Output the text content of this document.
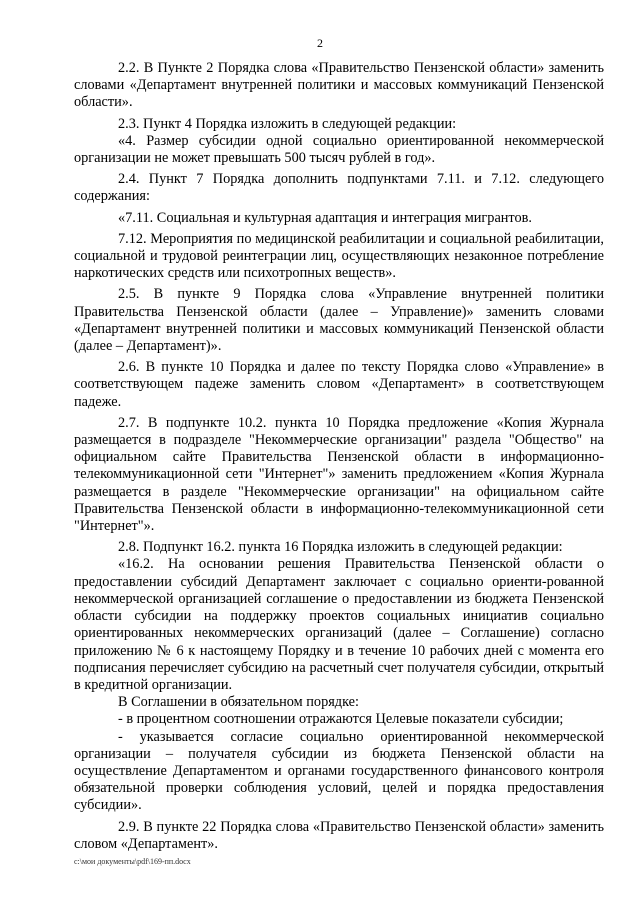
2

2.2. В Пункте 2 Порядка слова «Правительство Пензенской области» заменить словами «Департамент внутренней политики и массовых коммуникаций Пензенской области».

2.3. Пункт 4 Порядка изложить в следующей редакции:

«4. Размер субсидии одной социально ориентированной некоммерческой организации не может превышать 500 тысяч рублей в год».

2.4. Пункт 7 Порядка дополнить подпунктами 7.11. и 7.12. следующего содержания:

«7.11. Социальная и культурная адаптация и интеграция мигрантов.

7.12. Мероприятия по медицинской реабилитации и социальной реабилитации, социальной и трудовой реинтеграции лиц, осуществляющих незаконное потребление наркотических средств или психотропных веществ».

2.5. В пункте 9 Порядка слова «Управление внутренней политики Правительства Пензенской области (далее – Управление)» заменить словами «Департамент внутренней политики и массовых коммуникаций Пензенской области (далее – Департамент)».

2.6. В пункте 10 Порядка и далее по тексту Порядка слово «Управление» в соответствующем падеже заменить словом «Департамент» в соответствующем падеже.

2.7. В подпункте 10.2. пункта 10 Порядка предложение «Копия Журнала размещается в подразделе "Некоммерческие организации" раздела "Общество" на официальном сайте Правительства Пензенской области в информационно-телекоммуникационной сети "Интернет"» заменить предложением «Копия Журнала размещается в разделе "Некоммерческие организации" на официальном сайте Правительства Пензенской области в информационно-телекоммуникационной сети "Интернет"».

2.8. Подпункт 16.2. пункта 16 Порядка изложить в следующей редакции:

«16.2. На основании решения Правительства Пензенской области о предоставлении субсидий Департамент заключает с социально ориенти-рованной некоммерческой организацией соглашение о предоставлении из бюджета Пензенской области субсидии на поддержку проектов социальных инициатив социально ориентированных некоммерческих организаций (далее – Соглашение) согласно приложению № 6 к настоящему Порядку и в течение 10 рабочих дней с момента его подписания перечисляет субсидию на расчетный счет получателя субсидии, открытый в кредитной организации.

В Соглашении в обязательном порядке:

- в процентном соотношении отражаются Целевые показатели субсидии;

- указывается согласие социально ориентированной некоммерческой организации – получателя субсидии из бюджета Пензенской области на осуществление Департаментом и органами государственного финансового контроля обязательной проверки соблюдения условий, целей и порядка предоставления субсидии».

2.9. В пункте 22 Порядка слова «Правительство Пензенской области» заменить словом «Департамент».

c:\мои документы\pdf\169-пп.docx
